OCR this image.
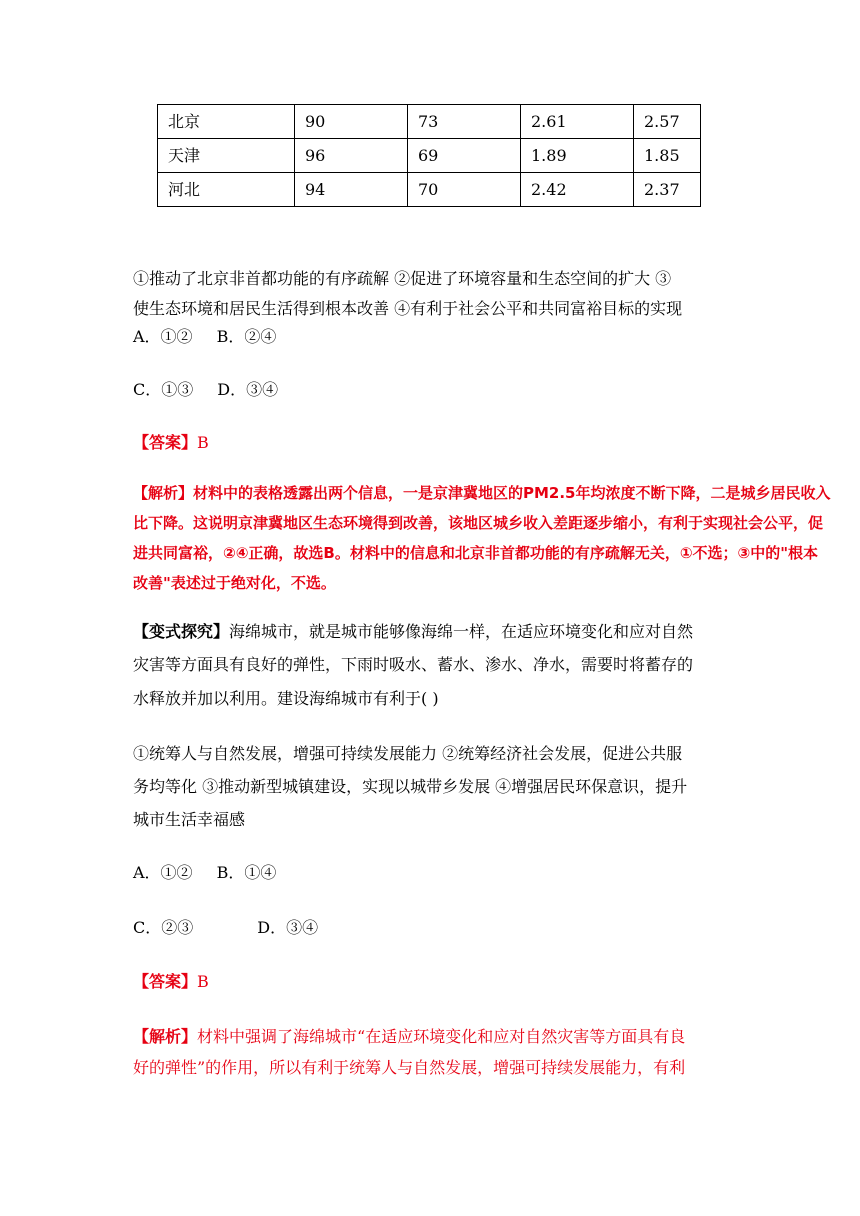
北京	90	73	2.61	2.57
天津	96	69	1.89	1.85
河北	94	70	2.42	2.37
①推动了北京非首都功能的有序疏解 ②促进了环境容量和生态空间的扩大 ③
使生态环境和居民生活得到根本改善 ④有利于社会公平和共同富裕目标的实现
A．①② B．②④
C．①③ D．③④
【答案】B
【解析】材料中的表格透露出两个信息，一是京津冀地区的PM2.5年均浓度不断下降，二是城乡居民收入
比下降。这说明京津冀地区生态环境得到改善，该地区城乡收入差距逐步缩小，有利于实现社会公平，促
进共同富裕，②④正确，故选B。材料中的信息和北京非首都功能的有序疏解无关，①不选；③中的"根本
改善"表述过于绝对化，不选。
【变式探究】海绵城市，就是城市能够像海绵一样，在适应环境变化和应对自然
灾害等方面具有良好的弹性，下雨时吸水、蓄水、渗水、净水，需要时将蓄存的
水释放并加以利用。建设海绵城市有利于( )
①统筹人与自然发展，增强可持续发展能力 ②统筹经济社会发展，促进公共服
务均等化 ③推动新型城镇建设，实现以城带乡发展 ④增强居民环保意识，提升
城市生活幸福感
A．①② B．①④
C．②③	D．③④
【答案】B
【解析】材料中强调了海绵城市“在适应环境变化和应对自然灾害等方面具有良
好的弹性”的作用，所以有利于统筹人与自然发展，增强可持续发展能力，有利
